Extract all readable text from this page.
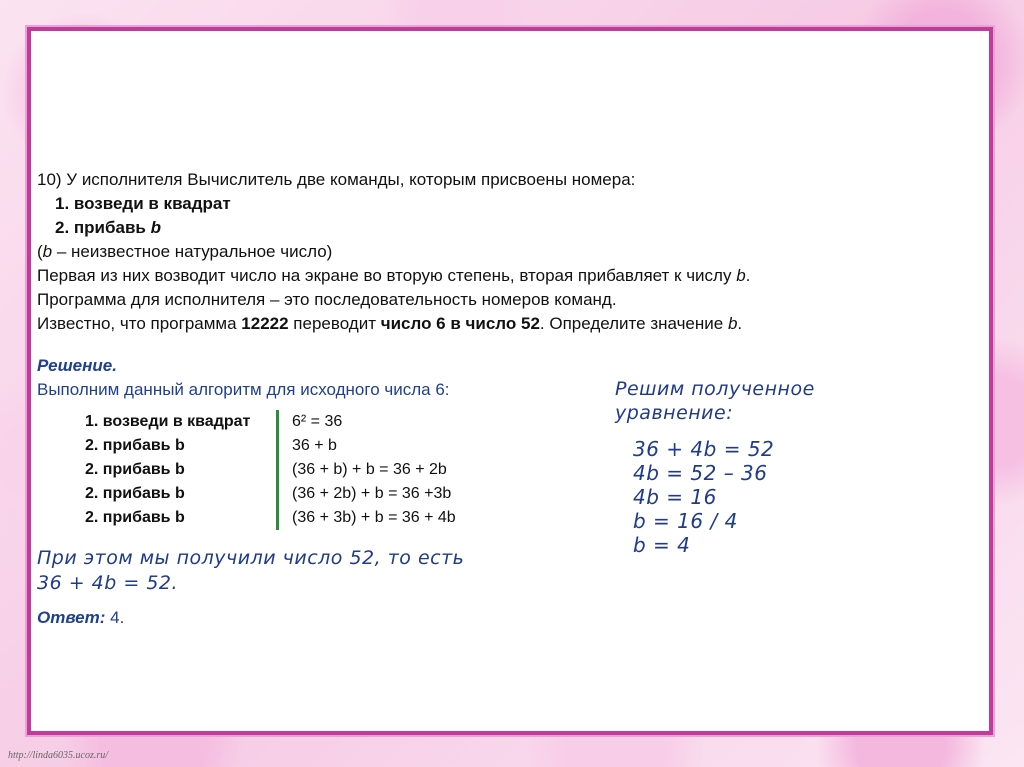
10) У исполнителя Вычислитель две команды, которым присвоены номера:
1. возведи в квадрат
2. прибавь b
(b – неизвестное натуральное число)
Первая из них возводит число на экране во вторую степень, вторая прибавляет к числу b.
Программа для исполнителя – это последовательность номеров команд.
Известно, что программа 12222 переводит число 6 в число 52. Определите значение b.
Решение.
Выполним данный алгоритм для исходного числа 6:
1. возведи в квадрат	6² = 36
2. прибавь b	36 + b
2. прибавь b	(36 + b) + b = 36 + 2b
2. прибавь b	(36 + 2b) + b = 36 +3b
2. прибавь b	(36 + 3b) + b = 36 + 4b
При этом мы получили число 52, то есть
36 + 4b = 52.
Ответ: 4.
Решим полученное
уравнение:
36 + 4b = 52
4b = 52 – 36
4b = 16
b = 16 / 4
b = 4
http://linda6035.ucoz.ru/
